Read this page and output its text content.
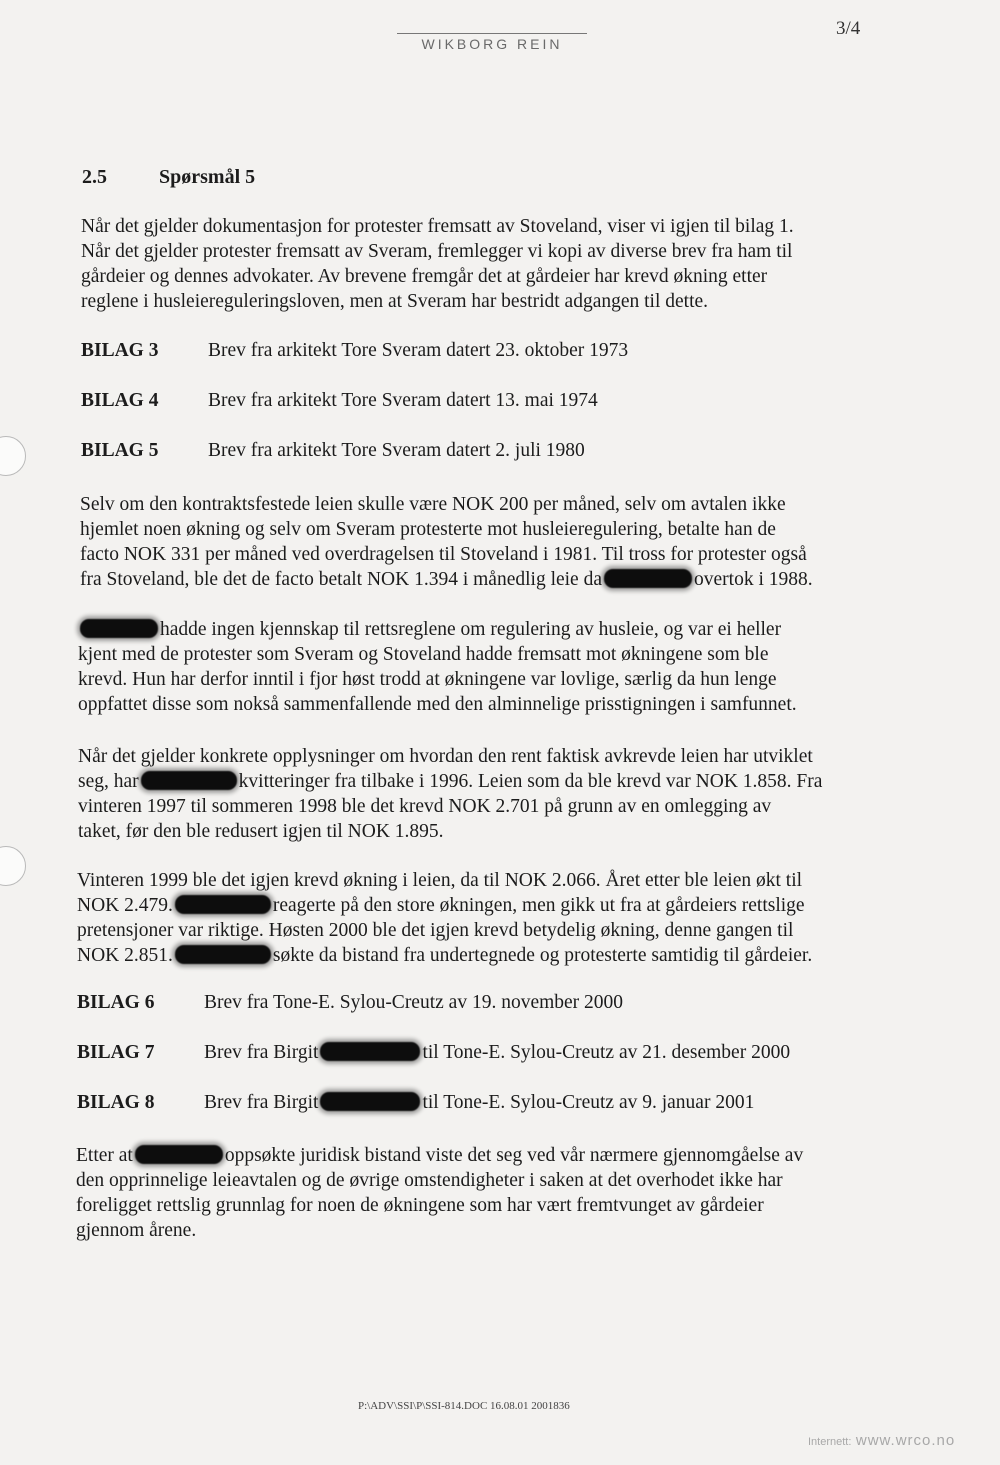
WIKBORG REIN
3/4
2.5	Spørsmål 5
Når det gjelder dokumentasjon for protester fremsatt av Stoveland, viser vi igjen til bilag 1.
Når det gjelder protester fremsatt av Sveram, fremlegger vi kopi av diverse brev fra ham til
gårdeier og dennes advokater. Av brevene fremgår det at gårdeier har krevd økning etter
reglene i husleiereguleringsloven, men at Sveram har bestridt adgangen til dette.
BILAG 3	Brev fra arkitekt Tore Sveram datert 23. oktober 1973
BILAG 4	Brev fra arkitekt Tore Sveram datert 13. mai 1974
BILAG 5	Brev fra arkitekt Tore Sveram datert 2. juli 1980
Selv om den kontraktsfestede leien skulle være NOK 200 per måned, selv om avtalen ikke
hjemlet noen økning og selv om Sveram protesterte mot husleieregulering, betalte han de
facto NOK 331 per måned ved overdragelsen til Stoveland i 1981. Til tross for protester også
fra Stoveland, ble det de facto betalt NOK 1.394 i månedlig leie da	overtok i 1988.
hadde ingen kjennskap til rettsreglene om regulering av husleie, og var ei heller
kjent med de protester som Sveram og Stoveland hadde fremsatt mot økningene som ble
krevd. Hun har derfor inntil i fjor høst trodd at økningene var lovlige, særlig da hun lenge
oppfattet disse som nokså sammenfallende med den alminnelige prisstigningen i samfunnet.
Når det gjelder konkrete opplysninger om hvordan den rent faktisk avkrevde leien har utviklet
seg, har	kvitteringer fra tilbake i 1996. Leien som da ble krevd var NOK 1.858. Fra
vinteren 1997 til sommeren 1998 ble det krevd NOK 2.701 på grunn av en omlegging av
taket, før den ble redusert igjen til NOK 1.895.
Vinteren 1999 ble det igjen krevd økning i leien, da til NOK 2.066. Året etter ble leien økt til
NOK 2.479.	reagerte på den store økningen, men gikk ut fra at gårdeiers rettslige
pretensjoner var riktige. Høsten 2000 ble det igjen krevd betydelig økning, denne gangen til
NOK 2.851.	søkte da bistand fra undertegnede og protesterte samtidig til gårdeier.
BILAG 6	Brev fra Tone-E. Sylou-Creutz av 19. november 2000
BILAG 7	Brev fra Birgit	til Tone-E. Sylou-Creutz av 21. desember 2000
BILAG 8	Brev fra Birgit	til Tone-E. Sylou-Creutz av 9. januar 2001
Etter at	oppsøkte juridisk bistand viste det seg ved vår nærmere gjennomgåelse av
den opprinnelige leieavtalen og de øvrige omstendigheter i saken at det overhodet ikke har
foreligget rettslig grunnlag for noen de økningene som har vært fremtvunget av gårdeier
gjennom årene.
P:\ADV\SSI\P\SSI-814.DOC 16.08.01 2001836
Internett: www.wrco.no
